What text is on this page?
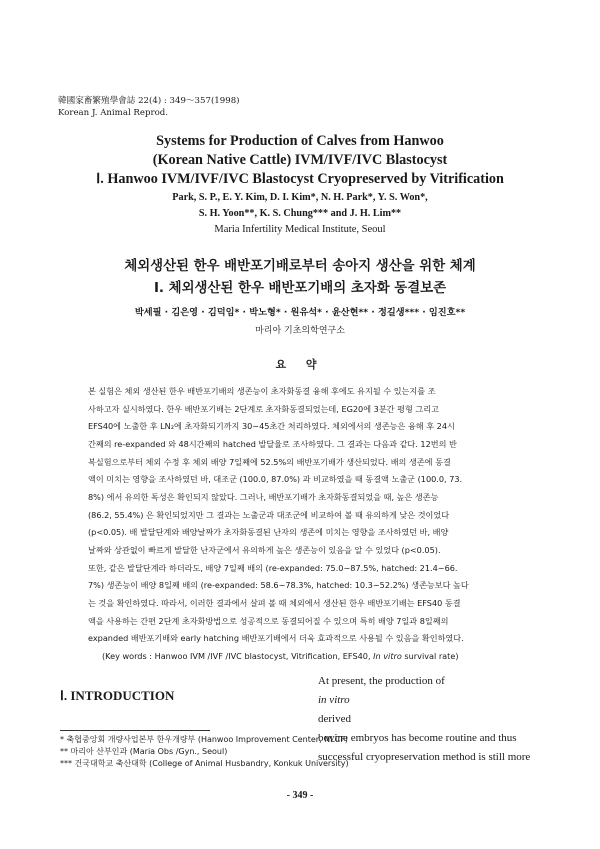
韓國家畜繁殖學會誌 22(4) : 349～357(1998)
Korean J. Animal Reprod.
Systems for Production of Calves from Hanwoo
(Korean Native Cattle) IVM/IVF/IVC Blastocyst
Ⅰ. Hanwoo IVM/IVF/IVC Blastocyst Cryopreserved by Vitrification
Park, S. P., E. Y. Kim, D. I. Kim*, N. H. Park*, Y. S. Won*,
S. H. Yoon**, K. S. Chung*** and J. H. Lim**
Maria Infertility Medical Institute, Seoul
체외생산된 한우 배반포기배로부터 송아지 생산을 위한 체계
Ⅰ. 체외생산된 한우 배반포기배의 초자화 동결보존
박세필 · 김은영 · 김덕임* · 박노형* · 원유석* · 윤산현** · 정길생*** · 임진호**
마리아 기초의학연구소
요 약
본 실험은 체외 생산된 한우 배반포기배의 생존능이 초자화동결 융해 후에도 유지될 수 있는지를 조
사하고자 실시하였다. 한우 배반포기배는 2단계로 초자화동결되었는데, EG20에 3분간 평형 그리고
EFS40에 노출한 후 LN₂에 초자화되기까지 30∼45초간 처리하였다. 체외에서의 생존능은 융해 후 24시
간째의 re-expanded 와 48시간째의 hatched 발달율로 조사하였다. 그 결과는 다음과 같다. 12번의 반
복실험으로부터 체외 수정 후 체외 배양 7일째에 52.5%의 배반포기배가 생산되었다. 배의 생존에 동결
액이 미치는 영향을 조사하였던 바, 대조군 (100.0, 87.0%) 과 비교하였을 때 동결액 노출군 (100.0, 73.
8%) 에서 유의한 독성은 확인되지 않았다. 그러나, 배반포기배가 초자화동결되었을 때, 높은 생존능
(86.2, 55.4%) 은 확인되었지만 그 결과는 노출군과 대조군에 비교하여 볼 때 유의하게 낮은 것이었다
(p<0.05). 배 발달단계와 배양날짜가 초자화동결된 난자의 생존에 미치는 영향을 조사하였던 바, 배양
날짜와 상관없이 빠르게 발달한 난자군에서 유의하게 높은 생존능이 있음을 알 수 있었다 (p<0.05).
또한, 같은 발달단계라 하더라도, 배양 7일째 배의 (re-expanded: 75.0∼87.5%, hatched: 21.4∼66.
7%) 생존능이 배양 8일째 배의 (re-expanded: 58.6∼78.3%, hatched: 10.3∼52.2%) 생존능보다 높다
는 것을 확인하였다. 따라서, 이러한 결과에서 살펴 볼 때 체외에서 생산된 한우 배반포기배는 EFS40 동결
액을 사용하는 간편 2단계 초자화방법으로 성공적으로 동결되어질 수 있으며 특히 배양 7일과 8일째의
expanded 배반포기배와 early hatching 배반포기배에서 더욱 효과적으로 사용될 수 있음을 확인하였다.
(Key words : Hanwoo IVM /IVF /IVC blastocyst, Vitrification, EFS40, In vitro survival rate)
Ⅰ. INTRODUCTION
At present, the production of
in vitro
derived
bovine embryos has become routine and thus
successful cryopreservation method is still more
* 축협중앙회 개량사업본부 한우개량부 (Hanwoo Improvement Center, NLCF)
** 마리아 산부인과 (Maria Obs /Gyn., Seoul)
*** 건국대학교 축산대학 (College of Animal Husbandry, Konkuk University)
- 349 -
